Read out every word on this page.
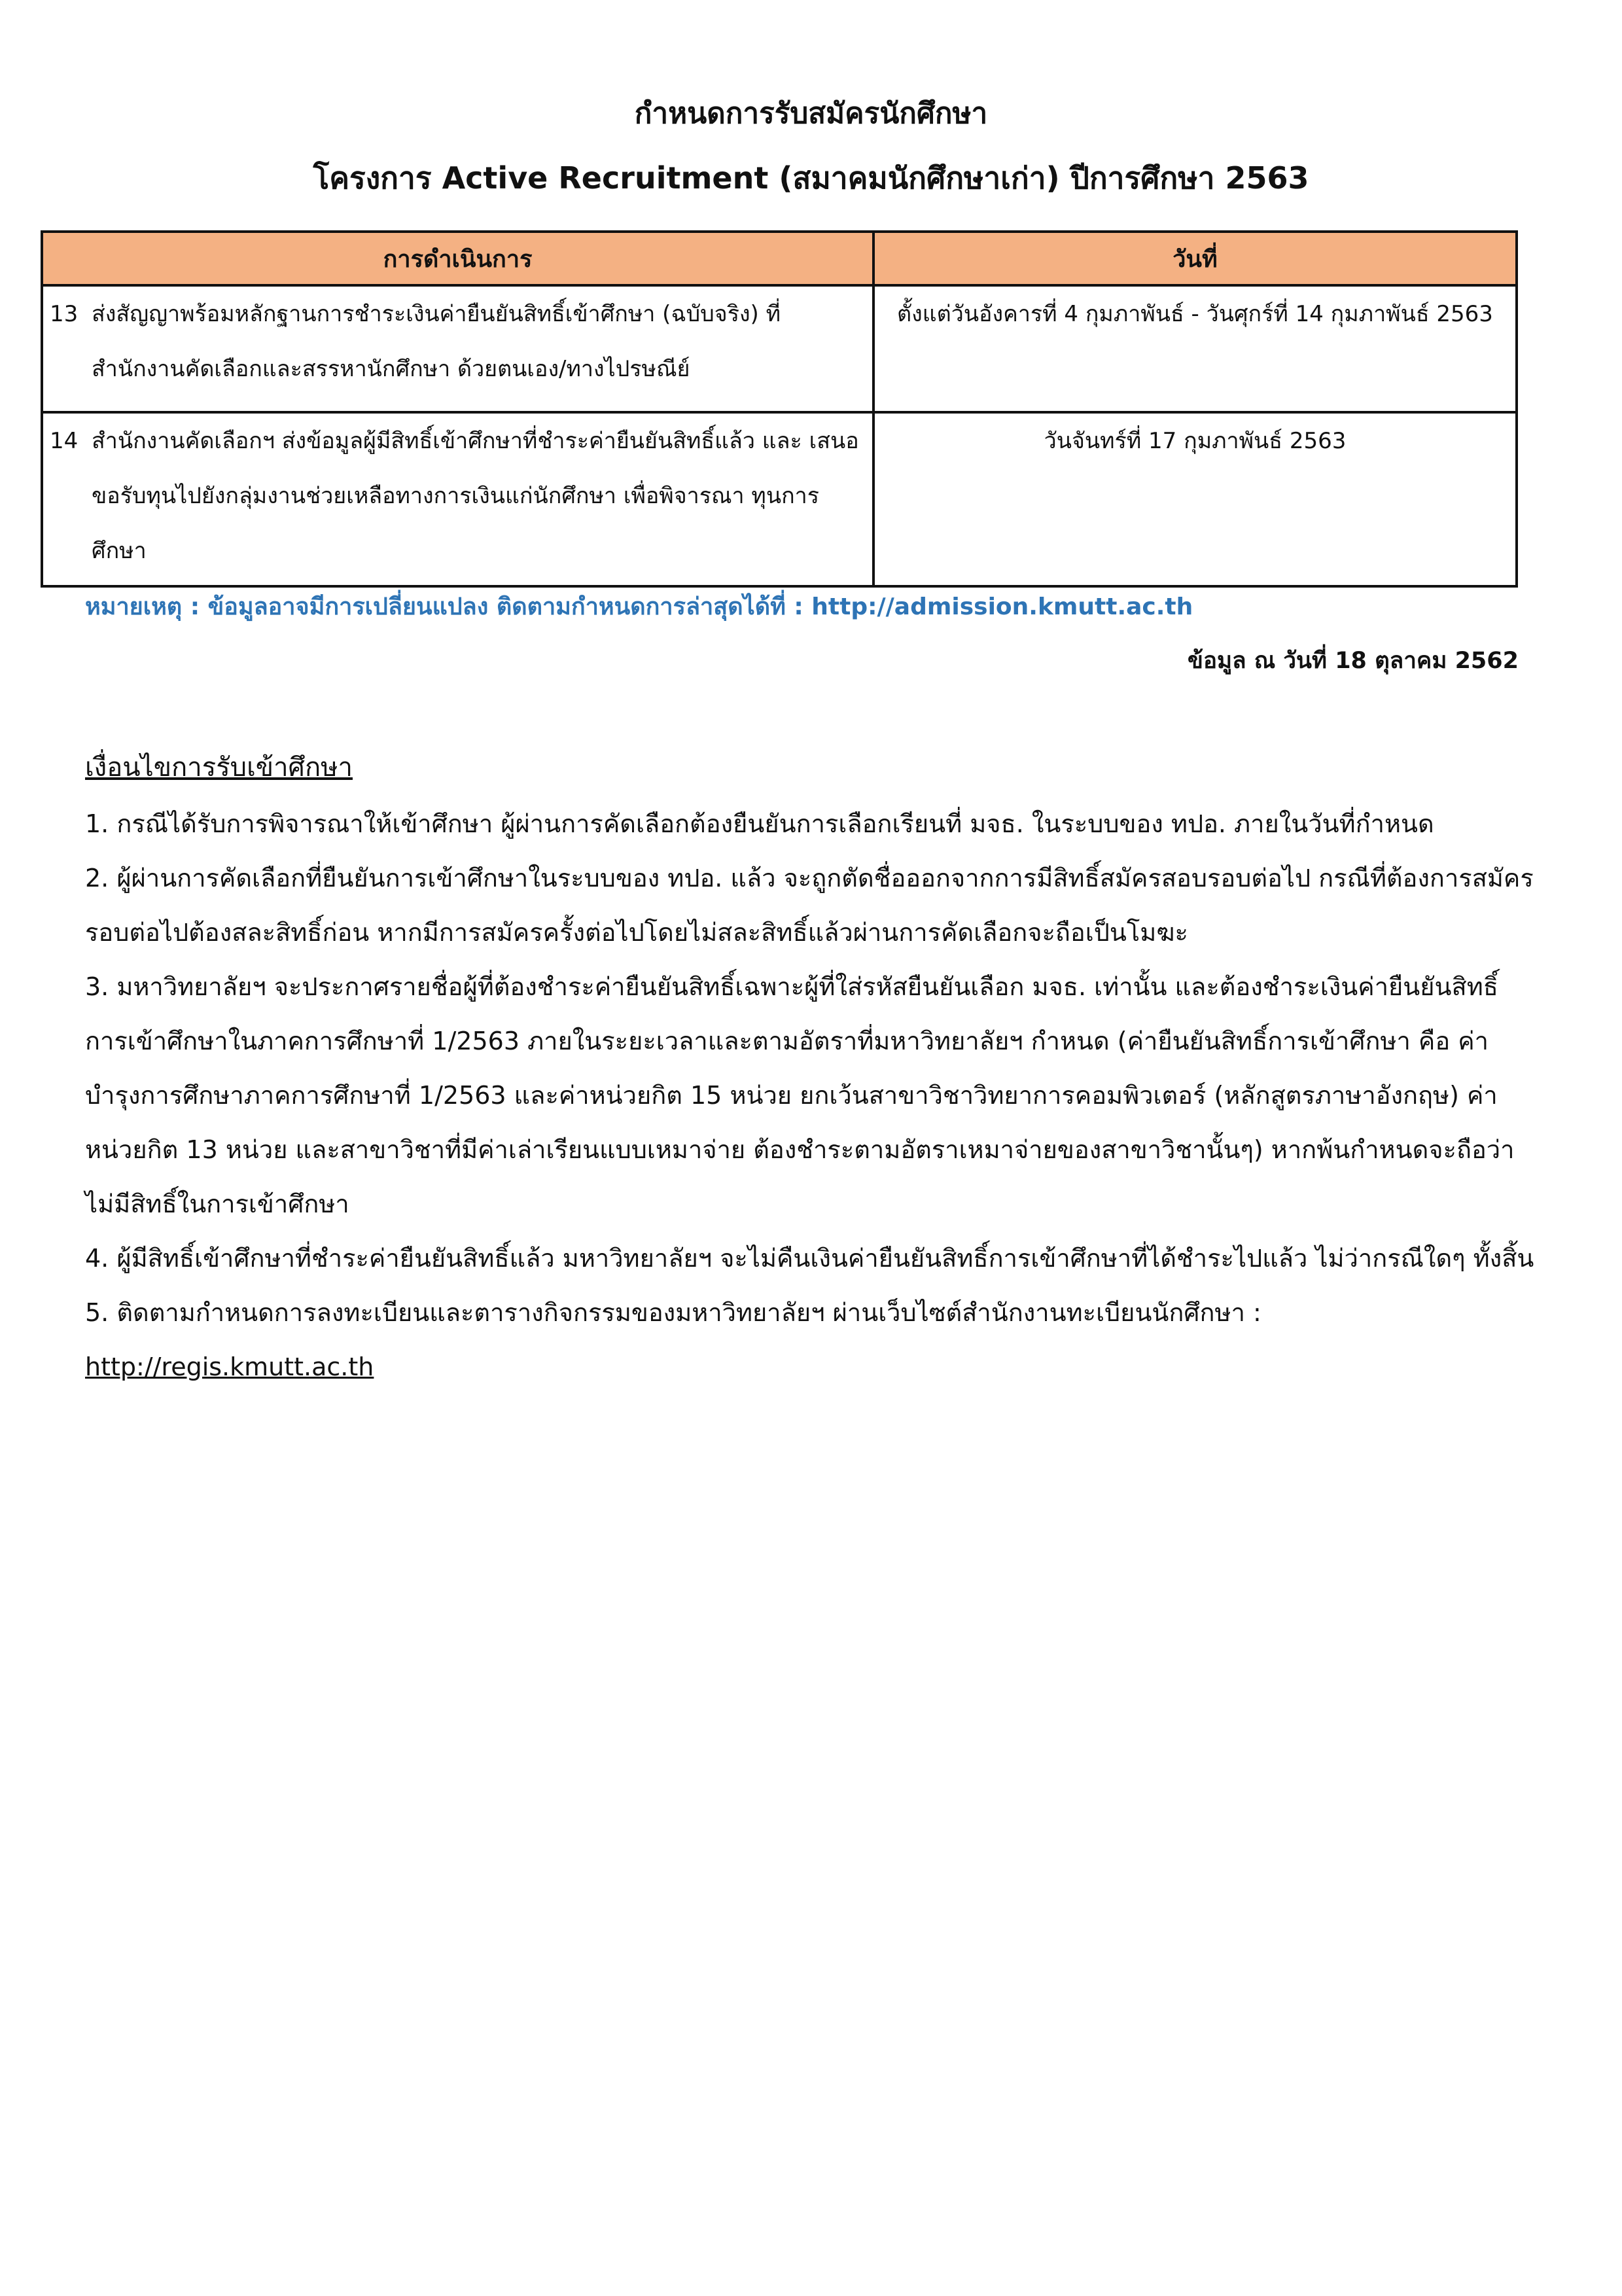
กำหนดการรับสมัครนักศึกษา
โครงการ Active Recruitment (สมาคมนักศึกษาเก่า) ปีการศึกษา 2563
การดำเนินการ	วันที่

13 ส่งสัญญาพร้อมหลักฐานการชำระเงินค่ายืนยันสิทธิ์เข้าศึกษา (ฉบับจริง) ที่ สำนักงานคัดเลือกและสรรหานักศึกษา ด้วยตนเอง/ทางไปรษณีย์	ตั้งแต่วันอังคารที่ 4 กุมภาพันธ์ - วันศุกร์ที่ 14 กุมภาพันธ์ 2563

14 สำนักงานคัดเลือกฯ ส่งข้อมูลผู้มีสิทธิ์เข้าศึกษาที่ชำระค่ายืนยันสิทธิ์แล้ว และ เสนอขอรับทุนไปยังกลุ่มงานช่วยเหลือทางการเงินแก่นักศึกษา เพื่อพิจารณา ทุนการศึกษา	วันจันทร์ที่ 17 กุมภาพันธ์ 2563
หมายเหตุ : ข้อมูลอาจมีการเปลี่ยนแปลง ติดตามกำหนดการล่าสุดได้ที่ : http://admission.kmutt.ac.th
ข้อมูล ณ วันที่ 18 ตุลาคม 2562
เงื่อนไขการรับเข้าศึกษา

1. กรณีได้รับการพิจารณาให้เข้าศึกษา ผู้ผ่านการคัดเลือกต้องยืนยันการเลือกเรียนที่ มจธ. ในระบบของ ทปอ. ภายในวันที่กำหนด

2. ผู้ผ่านการคัดเลือกที่ยืนยันการเข้าศึกษาในระบบของ ทปอ. แล้ว จะถูกตัดชื่อออกจากการมีสิทธิ์สมัครสอบรอบต่อไป กรณีที่ต้องการสมัครรอบต่อไปต้องสละสิทธิ์ก่อน หากมีการสมัครครั้งต่อไปโดยไม่สละสิทธิ์แล้วผ่านการคัดเลือกจะถือเป็นโมฆะ

3. มหาวิทยาลัยฯ จะประกาศรายชื่อผู้ที่ต้องชำระค่ายืนยันสิทธิ์เฉพาะผู้ที่ใส่รหัสยืนยันเลือก มจธ. เท่านั้น และต้องชำระเงินค่ายืนยันสิทธิ์การเข้าศึกษาในภาคการศึกษาที่ 1/2563 ภายในระยะเวลาและตามอัตราที่มหาวิทยาลัยฯ กำหนด (ค่ายืนยันสิทธิ์การเข้าศึกษา คือ ค่าบำรุงการศึกษาภาคการศึกษาที่ 1/2563 และค่าหน่วยกิต 15 หน่วย ยกเว้นสาขาวิชาวิทยาการคอมพิวเตอร์ (หลักสูตรภาษาอังกฤษ) ค่าหน่วยกิต 13 หน่วย และสาขาวิชาที่มีค่าเล่าเรียนแบบเหมาจ่าย ต้องชำระตามอัตราเหมาจ่ายของสาขาวิชานั้นๆ) หากพ้นกำหนดจะถือว่าไม่มีสิทธิ์ในการเข้าศึกษา

4. ผู้มีสิทธิ์เข้าศึกษาที่ชำระค่ายืนยันสิทธิ์แล้ว มหาวิทยาลัยฯ จะไม่คืนเงินค่ายืนยันสิทธิ์การเข้าศึกษาที่ได้ชำระไปแล้ว ไม่ว่ากรณีใดๆ ทั้งสิ้น

5. ติดตามกำหนดการลงทะเบียนและตารางกิจกรรมของมหาวิทยาลัยฯ ผ่านเว็บไซต์สำนักงานทะเบียนนักศึกษา :

http://regis.kmutt.ac.th
